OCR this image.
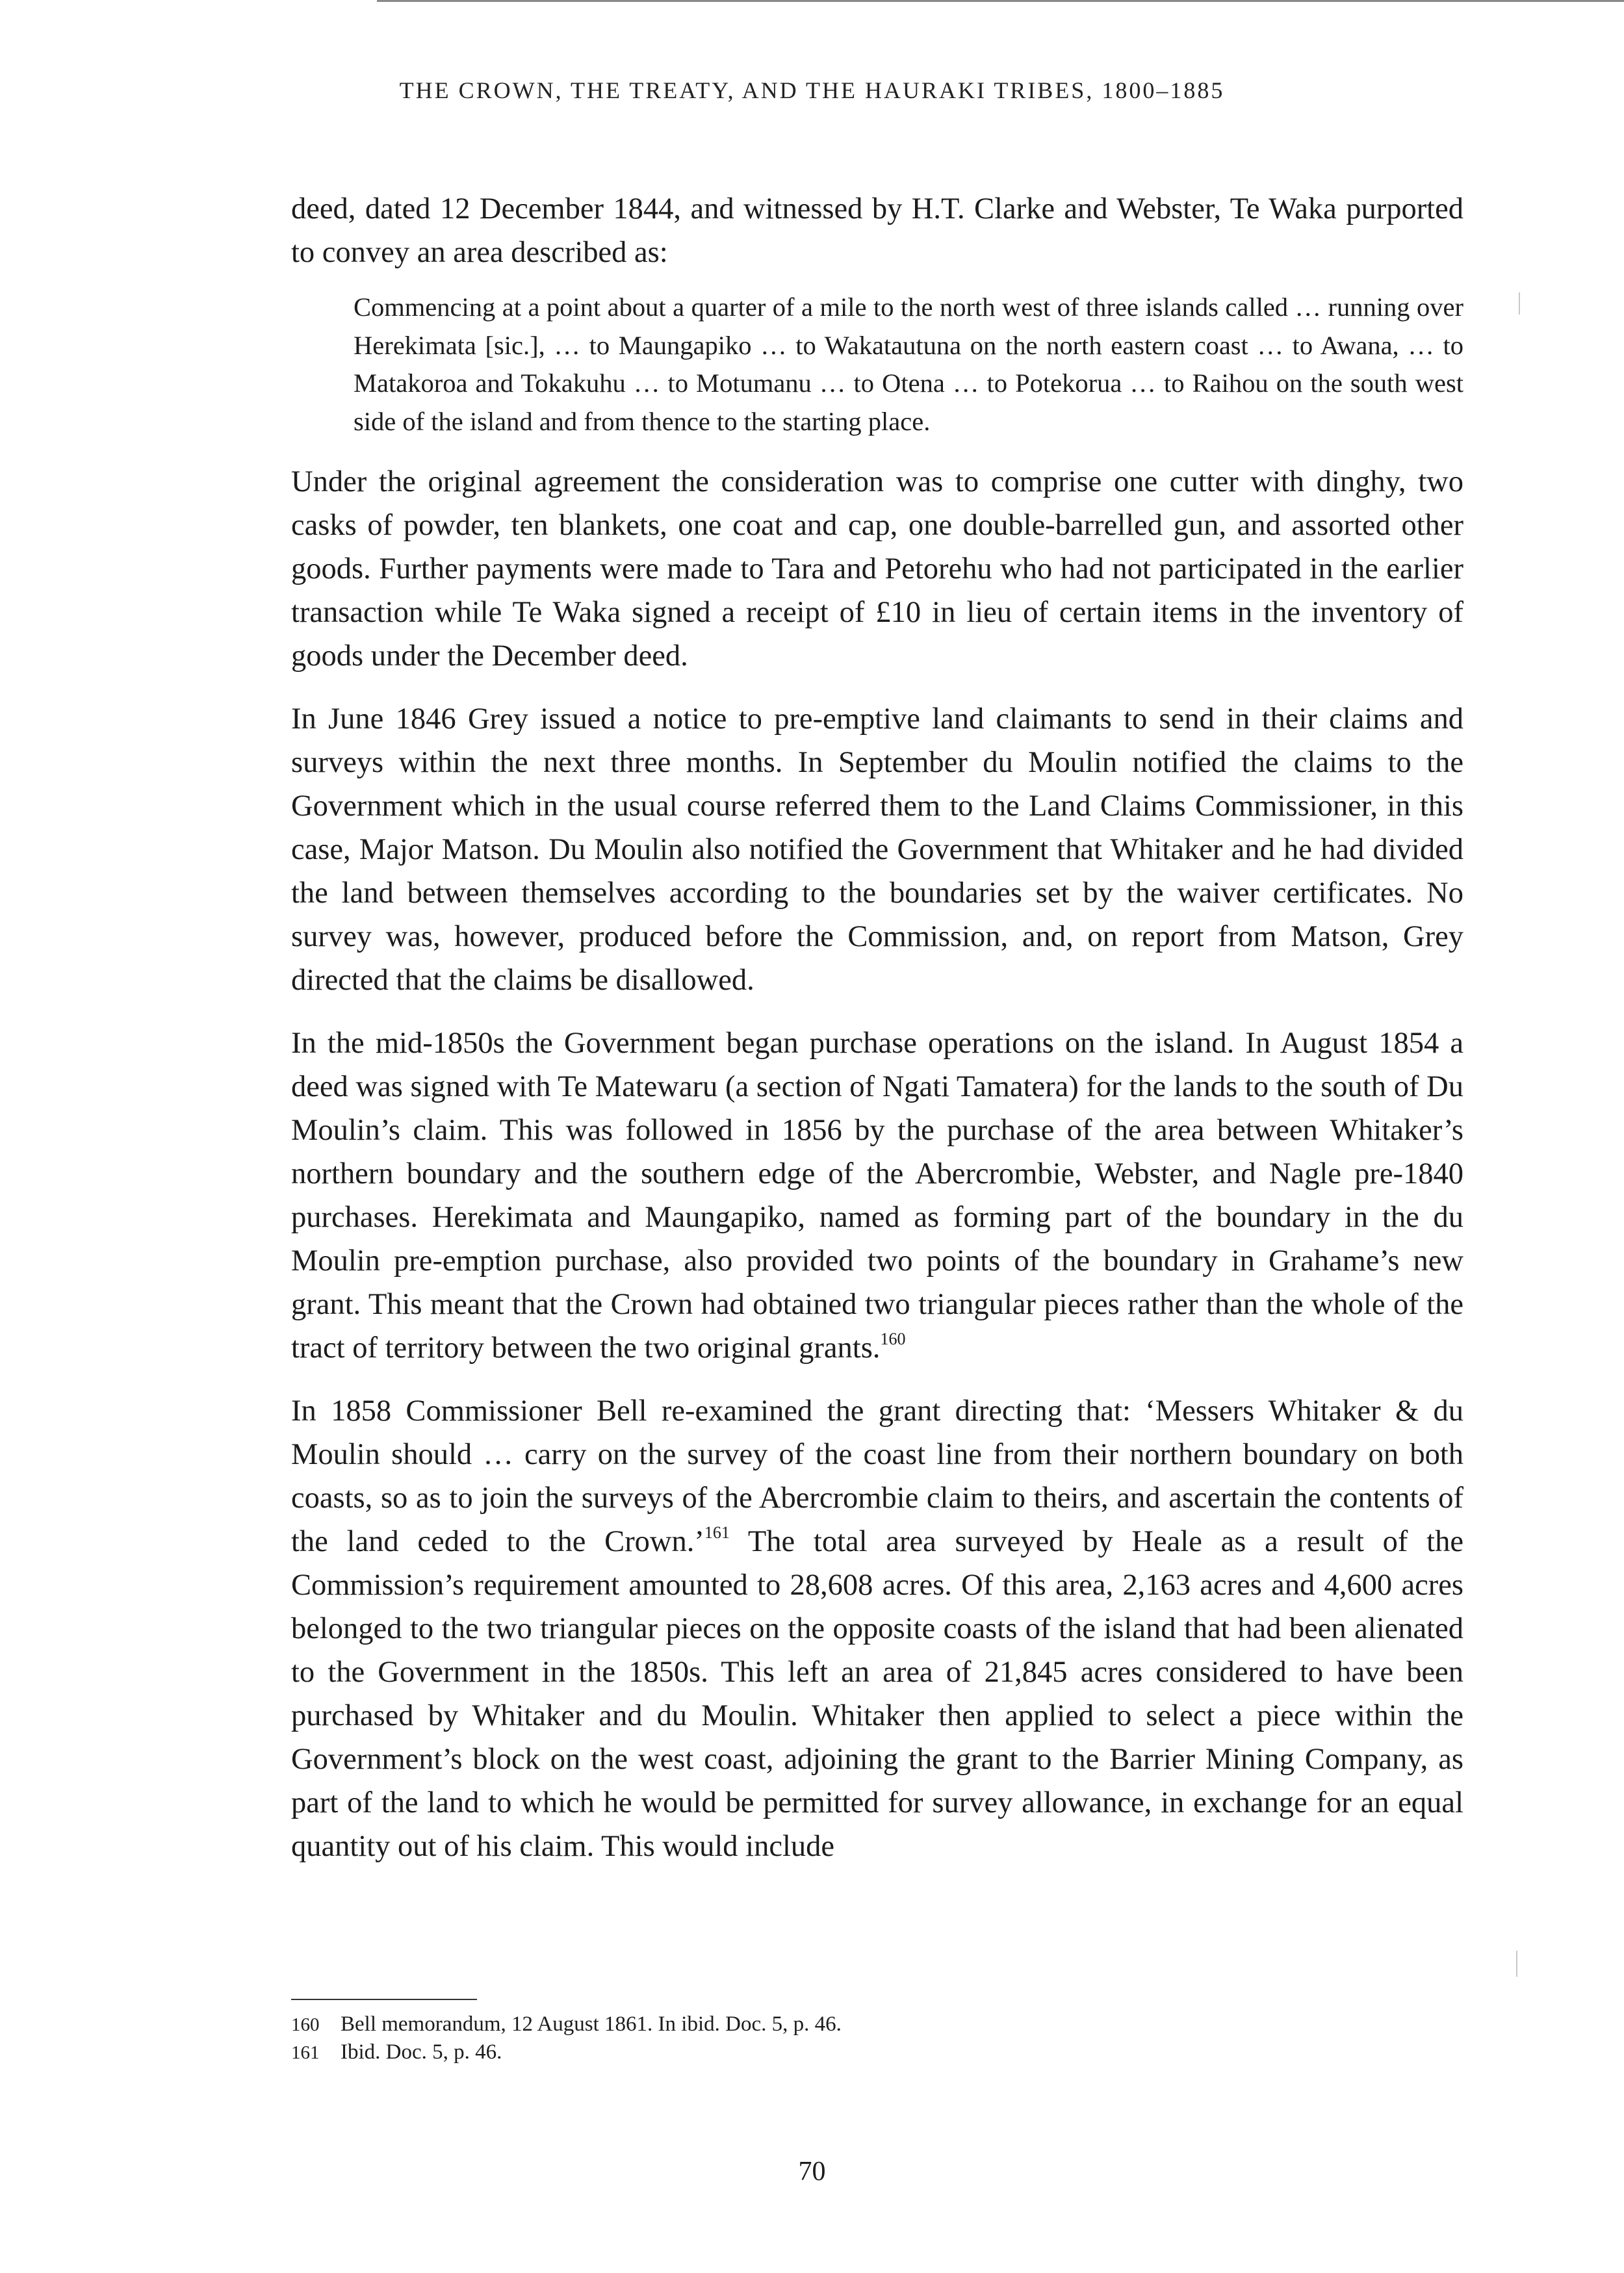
THE CROWN, THE TREATY, AND THE HAURAKI TRIBES, 1800–1885

deed, dated 12 December 1844, and witnessed by H.T. Clarke and Webster, Te Waka purported to convey an area described as:

Commencing at a point about a quarter of a mile to the north west of three islands called … running over Herekimata [sic.], … to Maungapiko … to Wakatautuna on the north eastern coast … to Awana, … to Matakoroa and Tokakuhu … to Motumanu … to Otena … to Potekorua … to Raihou on the south west side of the island and from thence to the starting place.

Under the original agreement the consideration was to comprise one cutter with dinghy, two casks of powder, ten blankets, one coat and cap, one double-barrelled gun, and assorted other goods. Further payments were made to Tara and Petorehu who had not participated in the earlier transaction while Te Waka signed a receipt of £10 in lieu of certain items in the inventory of goods under the December deed.

In June 1846 Grey issued a notice to pre-emptive land claimants to send in their claims and surveys within the next three months. In September du Moulin notified the claims to the Government which in the usual course referred them to the Land Claims Commissioner, in this case, Major Matson. Du Moulin also notified the Government that Whitaker and he had divided the land between themselves according to the boundaries set by the waiver certificates. No survey was, however, produced before the Commission, and, on report from Matson, Grey directed that the claims be disallowed.

In the mid-1850s the Government began purchase operations on the island. In August 1854 a deed was signed with Te Matewaru (a section of Ngati Tamatera) for the lands to the south of Du Moulin’s claim. This was followed in 1856 by the purchase of the area between Whitaker’s northern boundary and the southern edge of the Abercrombie, Webster, and Nagle pre-1840 purchases. Herekimata and Maungapiko, named as forming part of the boundary in the du Moulin pre-emption purchase, also provided two points of the boundary in Grahame’s new grant. This meant that the Crown had obtained two triangular pieces rather than the whole of the tract of territory between the two original grants.$^{160}$

In 1858 Commissioner Bell re-examined the grant directing that: ‘Messers Whitaker & du Moulin should … carry on the survey of the coast line from their northern boundary on both coasts, so as to join the surveys of the Abercrombie claim to theirs, and ascertain the contents of the land ceded to the Crown.’$^{161}$ The total area surveyed by Heale as a result of the Commission’s requirement amounted to 28,608 acres. Of this area, 2,163 acres and 4,600 acres belonged to the two triangular pieces on the opposite coasts of the island that had been alienated to the Government in the 1850s. This left an area of 21,845 acres considered to have been purchased by Whitaker and du Moulin. Whitaker then applied to select a piece within the Government’s block on the west coast, adjoining the grant to the Barrier Mining Company, as part of the land to which he would be permitted for survey allowance, in exchange for an equal quantity out of his claim. This would include

160 Bell memorandum, 12 August 1861. In ibid. Doc. 5, p. 46.
161 Ibid. Doc. 5, p. 46.
70
